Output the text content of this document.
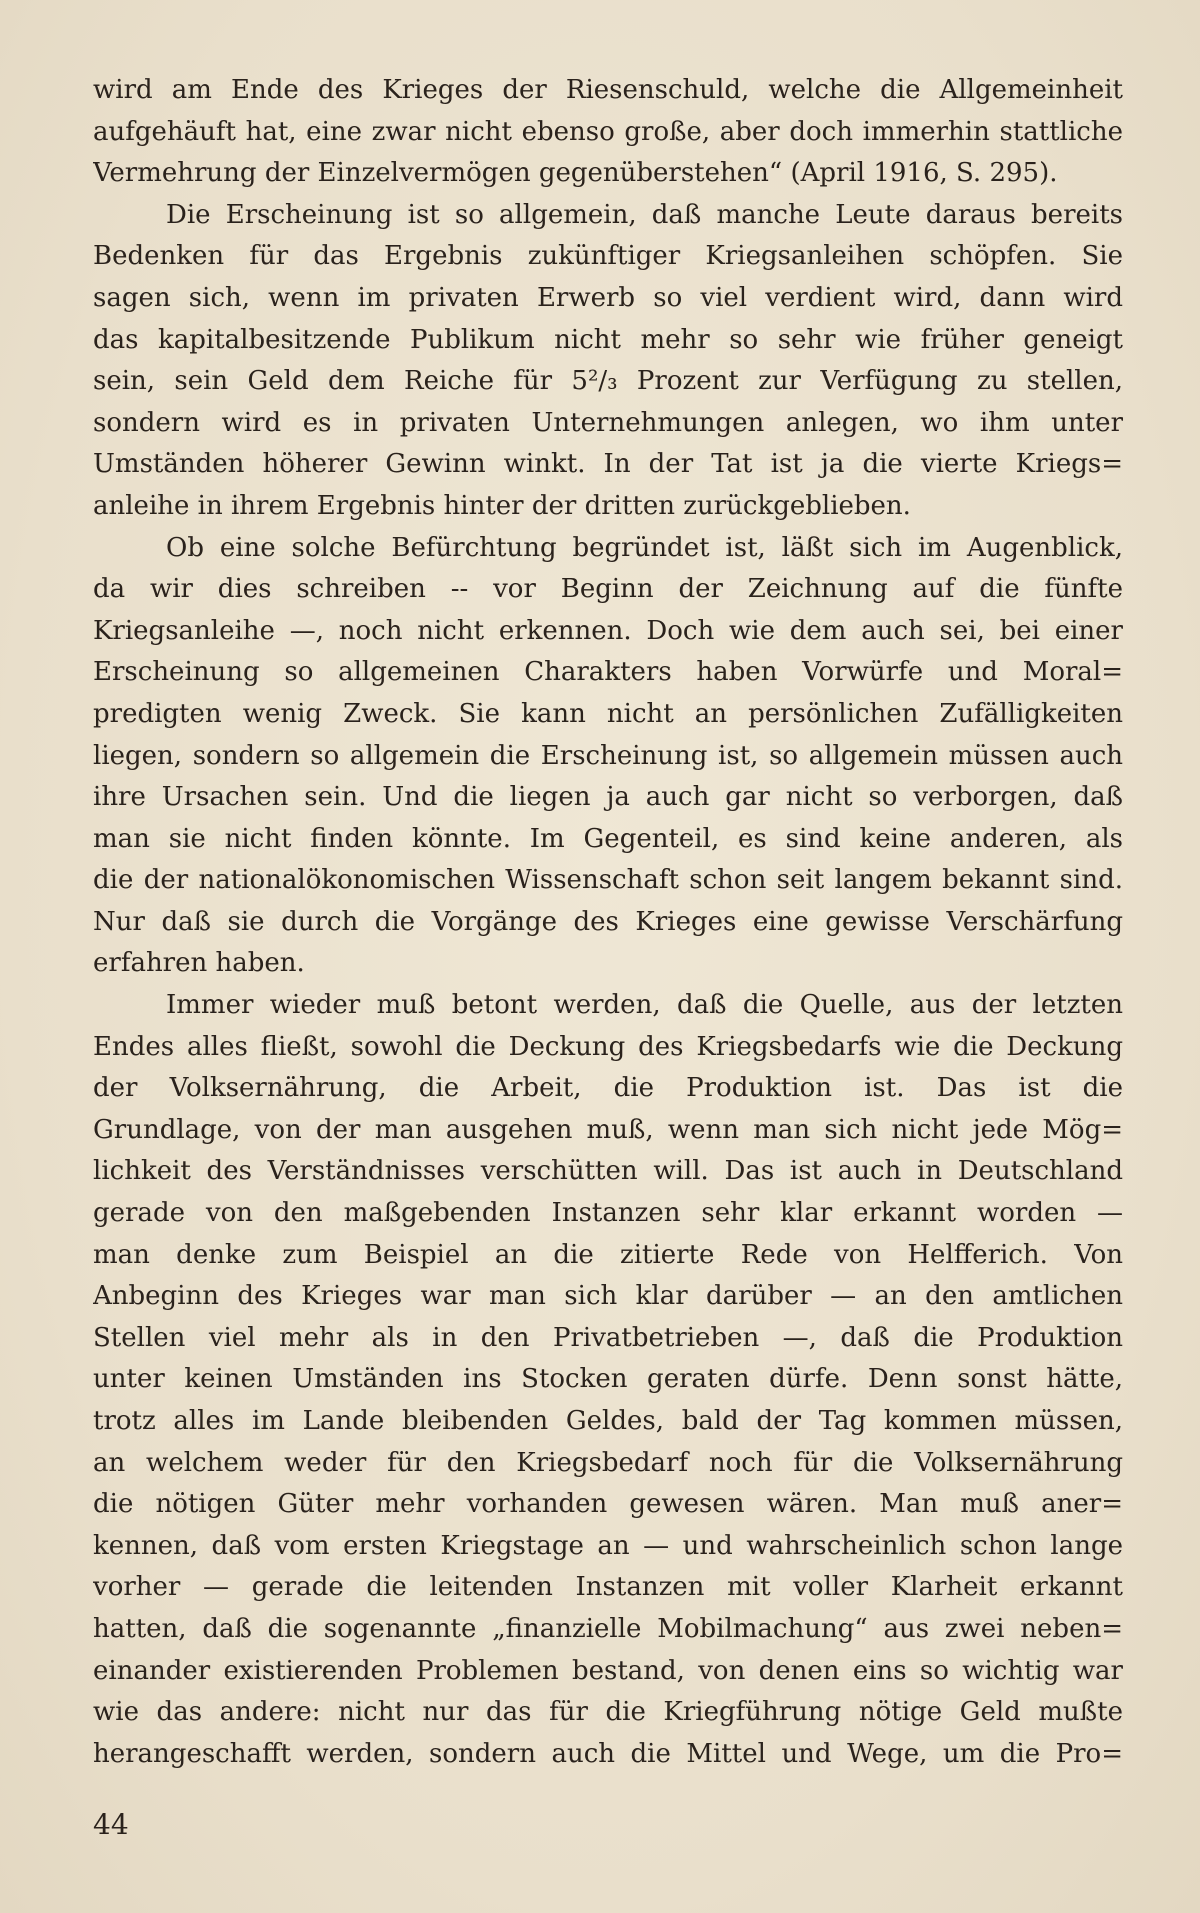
wird am Ende des Krieges der Riesenschuld, welche die Allgemeinheit
aufgehäuft hat, eine zwar nicht ebenso große, aber doch immerhin stattliche
Vermehrung der Einzelvermögen gegenüberstehen“ (April 1916, S. 295).
Die Erscheinung ist so allgemein, daß manche Leute daraus bereits
Bedenken für das Ergebnis zukünftiger Kriegsanleihen schöpfen. Sie
sagen sich, wenn im privaten Erwerb so viel verdient wird, dann wird
das kapitalbesitzende Publikum nicht mehr so sehr wie früher geneigt
sein, sein Geld dem Reiche für 5²/₃ Prozent zur Verfügung zu stellen,
sondern wird es in privaten Unternehmungen anlegen, wo ihm unter
Umständen höherer Gewinn winkt. In der Tat ist ja die vierte Kriegs=
anleihe in ihrem Ergebnis hinter der dritten zurückgeblieben.
Ob eine solche Befürchtung begründet ist, läßt sich im Augenblick,
da wir dies schreiben -- vor Beginn der Zeichnung auf die fünfte
Kriegsanleihe —, noch nicht erkennen. Doch wie dem auch sei, bei einer
Erscheinung so allgemeinen Charakters haben Vorwürfe und Moral=
predigten wenig Zweck. Sie kann nicht an persönlichen Zufälligkeiten
liegen, sondern so allgemein die Erscheinung ist, so allgemein müssen auch
ihre Ursachen sein. Und die liegen ja auch gar nicht so verborgen, daß
man sie nicht finden könnte. Im Gegenteil, es sind keine anderen, als
die der nationalökonomischen Wissenschaft schon seit langem bekannt sind.
Nur daß sie durch die Vorgänge des Krieges eine gewisse Verschärfung
erfahren haben.
Immer wieder muß betont werden, daß die Quelle, aus der letzten
Endes alles fließt, sowohl die Deckung des Kriegsbedarfs wie die Deckung
der Volksernährung, die Arbeit, die Produktion ist. Das ist die
Grundlage, von der man ausgehen muß, wenn man sich nicht jede Mög=
lichkeit des Verständnisses verschütten will. Das ist auch in Deutschland
gerade von den maßgebenden Instanzen sehr klar erkannt worden —
man denke zum Beispiel an die zitierte Rede von Helfferich. Von
Anbeginn des Krieges war man sich klar darüber — an den amtlichen
Stellen viel mehr als in den Privatbetrieben —, daß die Produktion
unter keinen Umständen ins Stocken geraten dürfe. Denn sonst hätte,
trotz alles im Lande bleibenden Geldes, bald der Tag kommen müssen,
an welchem weder für den Kriegsbedarf noch für die Volksernährung
die nötigen Güter mehr vorhanden gewesen wären. Man muß aner=
kennen, daß vom ersten Kriegstage an — und wahrscheinlich schon lange
vorher — gerade die leitenden Instanzen mit voller Klarheit erkannt
hatten, daß die sogenannte „finanzielle Mobilmachung“ aus zwei neben=
einander existierenden Problemen bestand, von denen eins so wichtig war
wie das andere: nicht nur das für die Kriegführung nötige Geld mußte
herangeschafft werden, sondern auch die Mittel und Wege, um die Pro=
44
